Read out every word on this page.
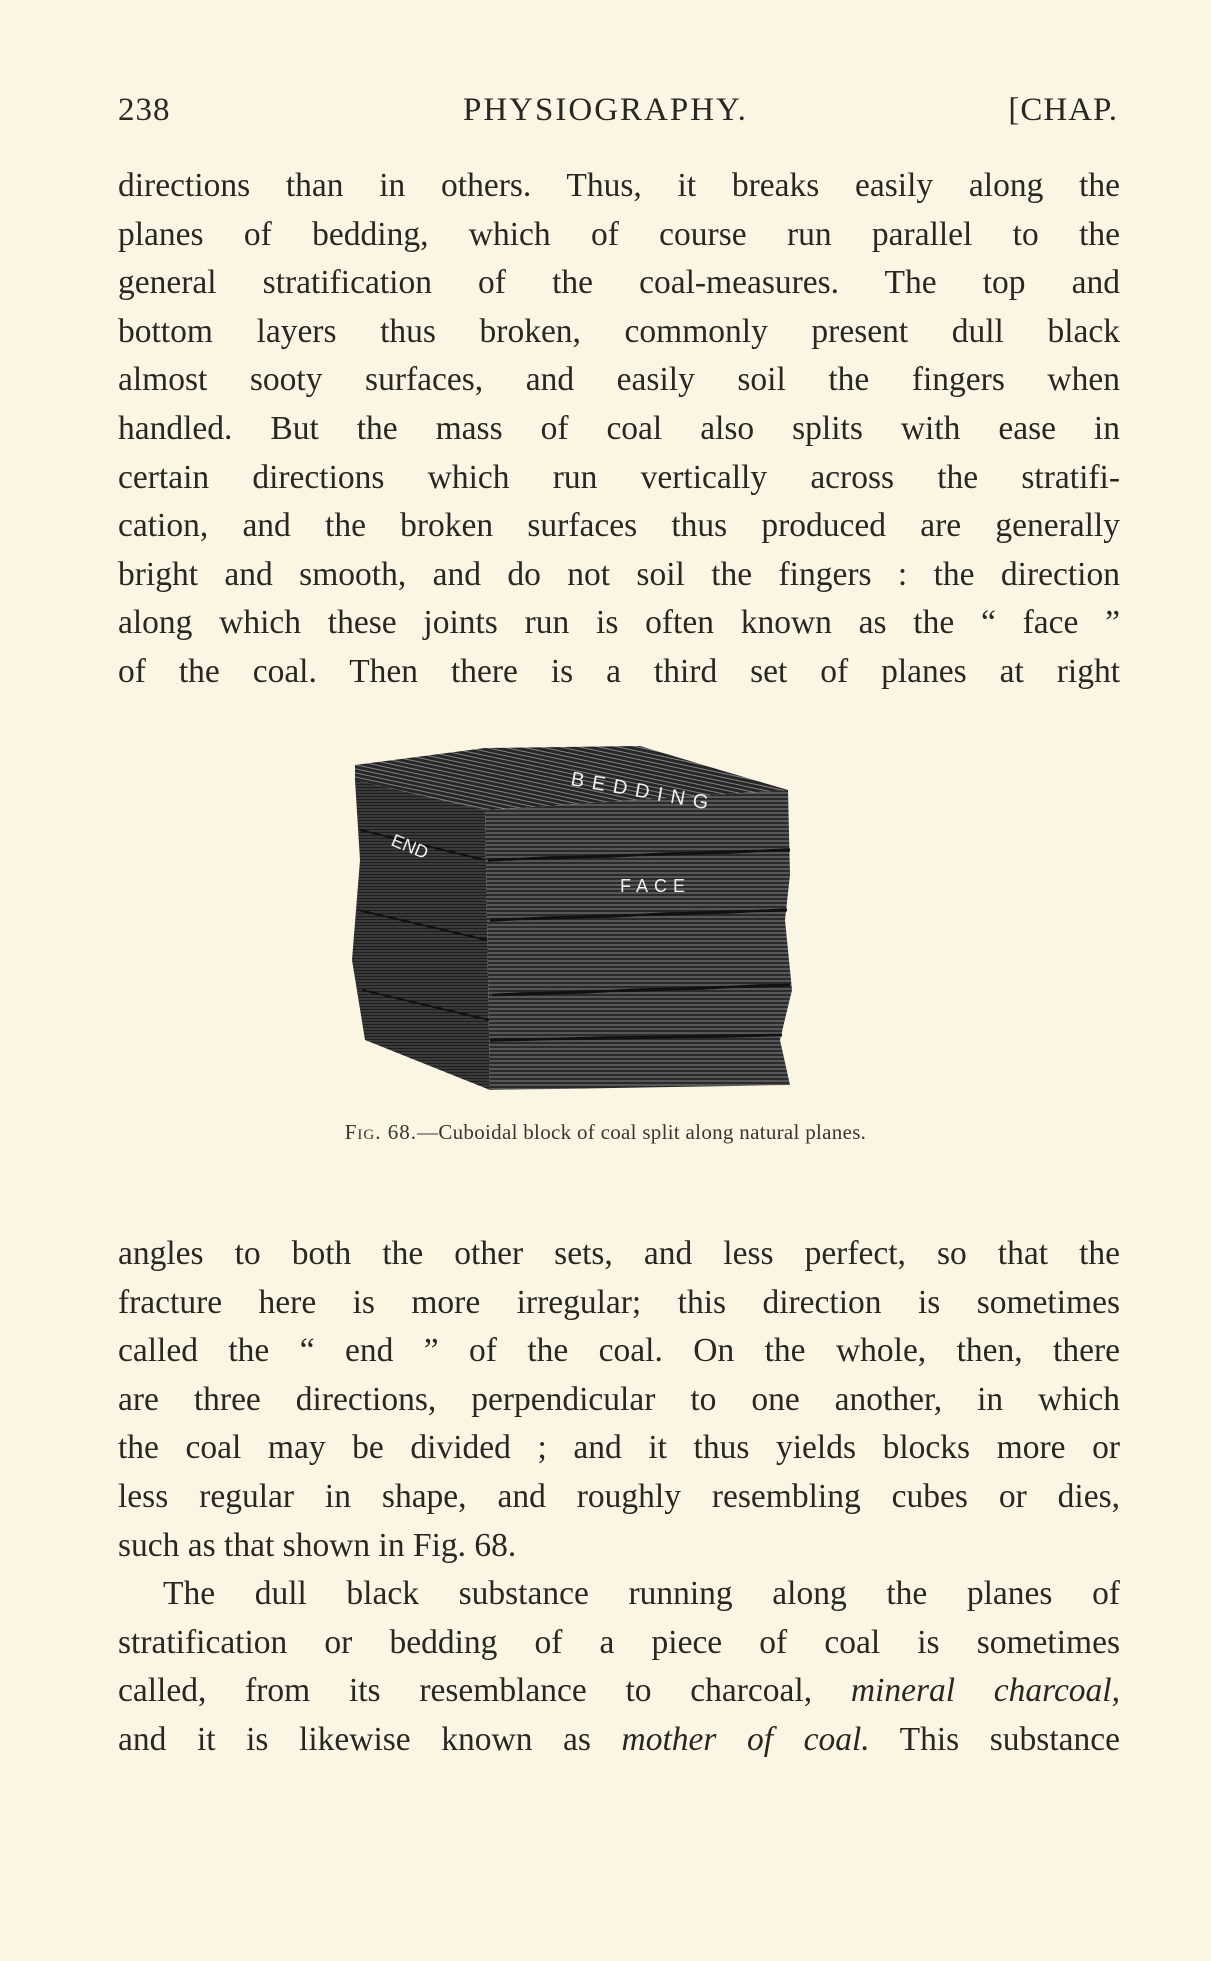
238	PHYSIOGRAPHY.	[CHAP.
directions than in others. Thus, it breaks easily along the
planes of bedding, which of course run parallel to the
general stratification of the coal-measures. The top and
bottom layers thus broken, commonly present dull black
almost sooty surfaces, and easily soil the fingers when
handled. But the mass of coal also splits with ease in
certain directions which run vertically across the stratifi-
cation, and the broken surfaces thus produced are generally
bright and smooth, and do not soil the fingers : the direction
along which these joints run is often known as the “ face ”
of the coal. Then there is a third set of planes at right
BEDDING
END
FACE
Fig. 68.—Cuboidal block of coal split along natural planes.
angles to both the other sets, and less perfect, so that the
fracture here is more irregular; this direction is sometimes
called the “ end ” of the coal. On the whole, then, there
are three directions, perpendicular to one another, in which
the coal may be divided ; and it thus yields blocks more or
less regular in shape, and roughly resembling cubes or dies,
such as that shown in Fig. 68.
The dull black substance running along the planes of
stratification or bedding of a piece of coal is sometimes
called, from its resemblance to charcoal, mineral charcoal,
and it is likewise known as mother of coal. This substance
